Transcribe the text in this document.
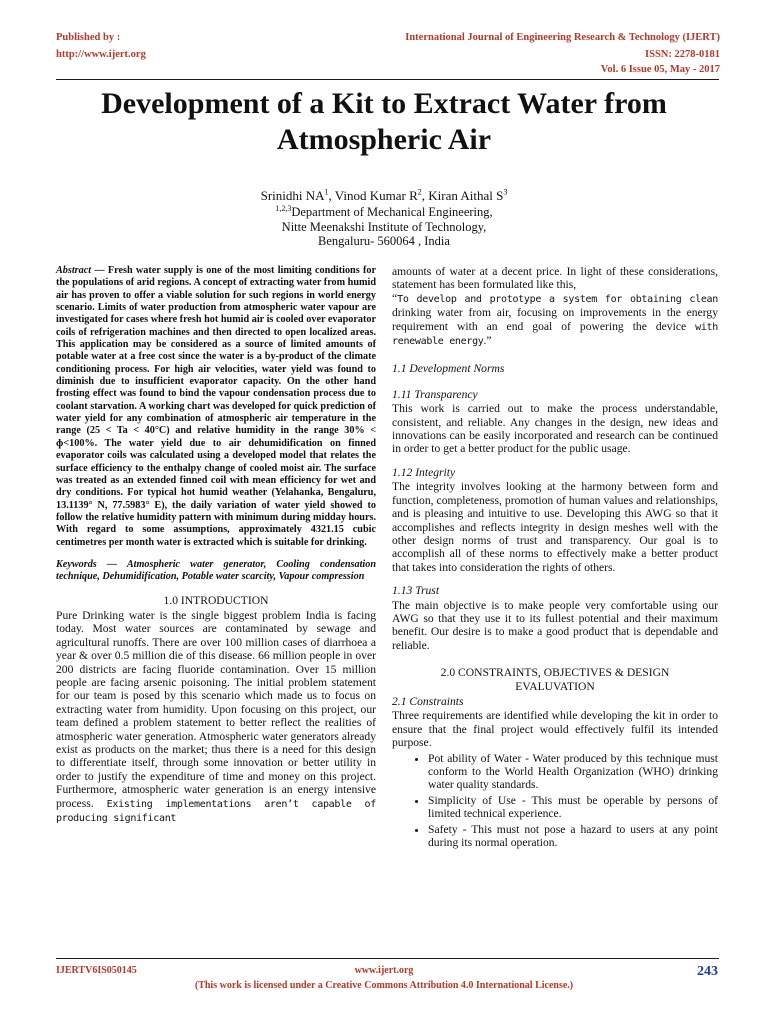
Published by :
http://www.ijert.org
International Journal of Engineering Research & Technology (IJERT)
ISSN: 2278-0181
Vol. 6 Issue 05, May - 2017
Development of a Kit to Extract Water from
Atmospheric Air
Srinidhi $NA^1$, Vinod Kumar $R^2$, Kiran Aithal $S^3$
$^{1,2,3}$Department of Mechanical Engineering,
Nitte Meenakshi Institute of Technology,
Bengaluru- 560064 , India

Abstract — Fresh water supply is one of the most limiting conditions for the populations of arid regions. A concept of extracting water from humid air has proven to offer a viable solution for such regions in world energy scenario. Limits of water production from atmospheric water vapour are investigated for cases where fresh hot humid air is cooled over evaporator coils of refrigeration machines and then directed to open localized areas. This application may be considered as a source of limited amounts of potable water at a free cost since the water is a by-product of the climate conditioning process. For high air velocities, water yield was found to diminish due to insufficient evaporator capacity. On the other hand frosting effect was found to bind the vapour condensation process due to coolant starvation. A working chart was developed for quick prediction of water yield for any combination of atmospheric air temperature in the range (25 < Ta < 40°C) and relative humidity in the range 30% < ɸ<100%. The water yield due to air dehumidification on finned evaporator coils was calculated using a developed model that relates the surface efficiency to the enthalpy change of cooled moist air. The surface was treated as an extended finned coil with mean efficiency for wet and dry conditions. For typical hot humid weather (Yelahanka, Bengaluru, 13.1139° N, 77.5983° E), the daily variation of water yield showed to follow the relative humidity pattern with minimum during midday hours. With regard to some assumptions, approximately 4321.15 cubic centimetres per month water is extracted which is suitable for drinking.

Keywords — Atmospheric water generator, Cooling condensation technique, Dehumidification, Potable water scarcity, Vapour compression

1.0 INTRODUCTION

Pure Drinking water is the single biggest problem India is facing today. Most water sources are contaminated by sewage and agricultural runoffs. There are over 100 million cases of diarrhoea a year & over 0.5 million die of this disease. 66 million people in over 200 districts are facing fluoride contamination. Over 15 million people are facing arsenic poisoning. The initial problem statement for our team is posed by this scenario which made us to focus on extracting water from humidity. Upon focusing on this project, our team defined a problem statement to better reflect the realities of atmospheric water generation. Atmospheric water generators already exist as products on the market; thus there is a need for this design to differentiate itself, through some innovation or better utility in order to justify the expenditure of time and money on this project. Furthermore, atmospheric water generation is an energy intensive process. Existing implementations aren’t capable of producing significant

amounts of water at a decent price. In light of these considerations, statement has been formulated like this,

“To develop and prototype a system for obtaining clean drinking water from air, focusing on improvements in the energy requirement with an end goal of powering the device with renewable energy.”

1.1 Development Norms
1.11 Transparency

This work is carried out to make the process understandable, consistent, and reliable. Any changes in the design, new ideas and innovations can be easily incorporated and research can be continued in order to get a better product for the public usage.

1.12 Integrity

The integrity involves looking at the harmony between form and function, completeness, promotion of human values and relationships, and is pleasing and intuitive to use. Developing this AWG so that it accomplishes and reflects integrity in design meshes well with the other design norms of trust and transparency. Our goal is to accomplish all of these norms to effectively make a better product that takes into consideration the rights of others.

1.13 Trust

The main objective is to make people very comfortable using our AWG so that they use it to its fullest potential and their maximum benefit. Our desire is to make a good product that is dependable and reliable.

2.0 CONSTRAINTS, OBJECTIVES & DESIGN
EVALUVATION
2.1 Constraints

Three requirements are identified while developing the kit in order to ensure that the final project would effectively fulfil its intended purpose.

• Pot ability of Water - Water produced by this technique must conform to the World Health Organization (WHO) drinking water quality standards.
• Simplicity of Use - This must be operable by persons of limited technical experience.
• Safety - This must not pose a hazard to users at any point during its normal operation.
IJERTV6IS050145	www.ijert.org	243
(This work is licensed under a Creative Commons Attribution 4.0 International License.)
